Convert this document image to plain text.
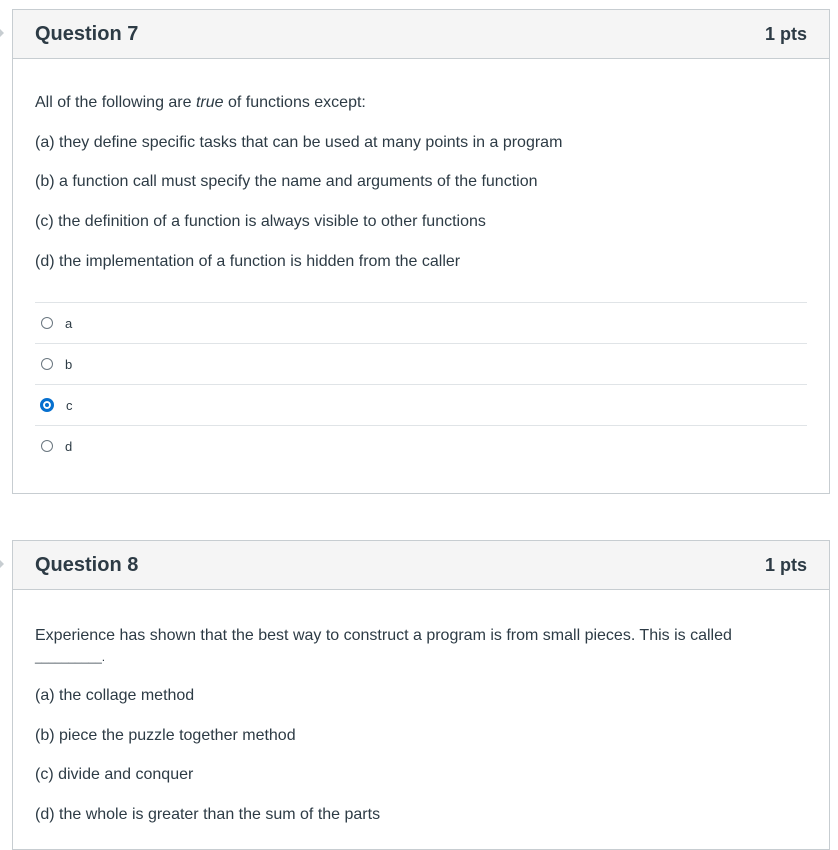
Question 7	1 pts

All of the following are true of functions except:

(a) they define specific tasks that can be used at many points in a program

(b) a function call must specify the name and arguments of the function

(c) the definition of a function is always visible to other functions

(d) the implementation of a function is hidden from the caller

a
b
c
d
Question 8	1 pts

Experience has shown that the best way to construct a program is from small pieces. This is called

__________.

(a) the collage method

(b) piece the puzzle together method

(c) divide and conquer

(d) the whole is greater than the sum of the parts
